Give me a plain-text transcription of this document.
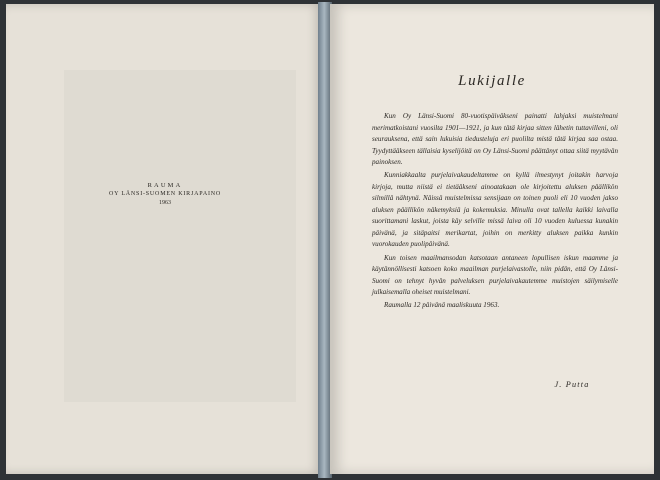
RAUMA
OY LÄNSI-SUOMEN KIRJAPAINO
1963
Lukijalle

Kun Oy Länsi-Suomi 80-vuotispäiväkseni painatti lahjaksi muistelmani merimatkoistani vuosilta 1901—1921, ja kun tätä kirjaa sitten lähetin tuttavilleni, oli seurauksena, että sain lukuisia tiedusteluja eri puolilta mistä tätä kirjaa saa ostaa. Tyydyttääkseen tällaisia kyselijöitä on Oy Länsi-Suomi päättänyt ottaa siitä myytävän painoksen.

Kunniakkaalta purjelaivakaudeltamme on kyllä ilmestynyt joitakin harvoja kirjoja, mutta niistä ei tietääkseni ainoatakaan ole kirjoitettu aluksen päällikön silmillä nähtynä. Näissä muistelmissa sensijaan on toinen puoli eli 10 vuoden jakso aluksen päällikön näkemyksiä ja kokemuksia. Minulla ovat tallella kaikki laivalla suorittamani laskut, joista käy selville missä laiva oli 10 vuoden kuluessa kunakin päivänä, ja sitäpaitsi merikartat, joihin on merkitty aluksen paikka kunkin vuorokauden puolipäivänä.

Kun toisen maailmansodan katsotaan antaneen lopullisen iskun maamme ja käytännöllisesti katsoen koko maailman purjelaivastolle, niin pidän, että Oy Länsi-Suomi on tehnyt hyvän palveluksen purjelaivakautemme muistojen säilymiselle julkaisemalla oheiset muistelmani.

Raumalla 12 päivänä maaliskuuta 1963.

J. Putta
